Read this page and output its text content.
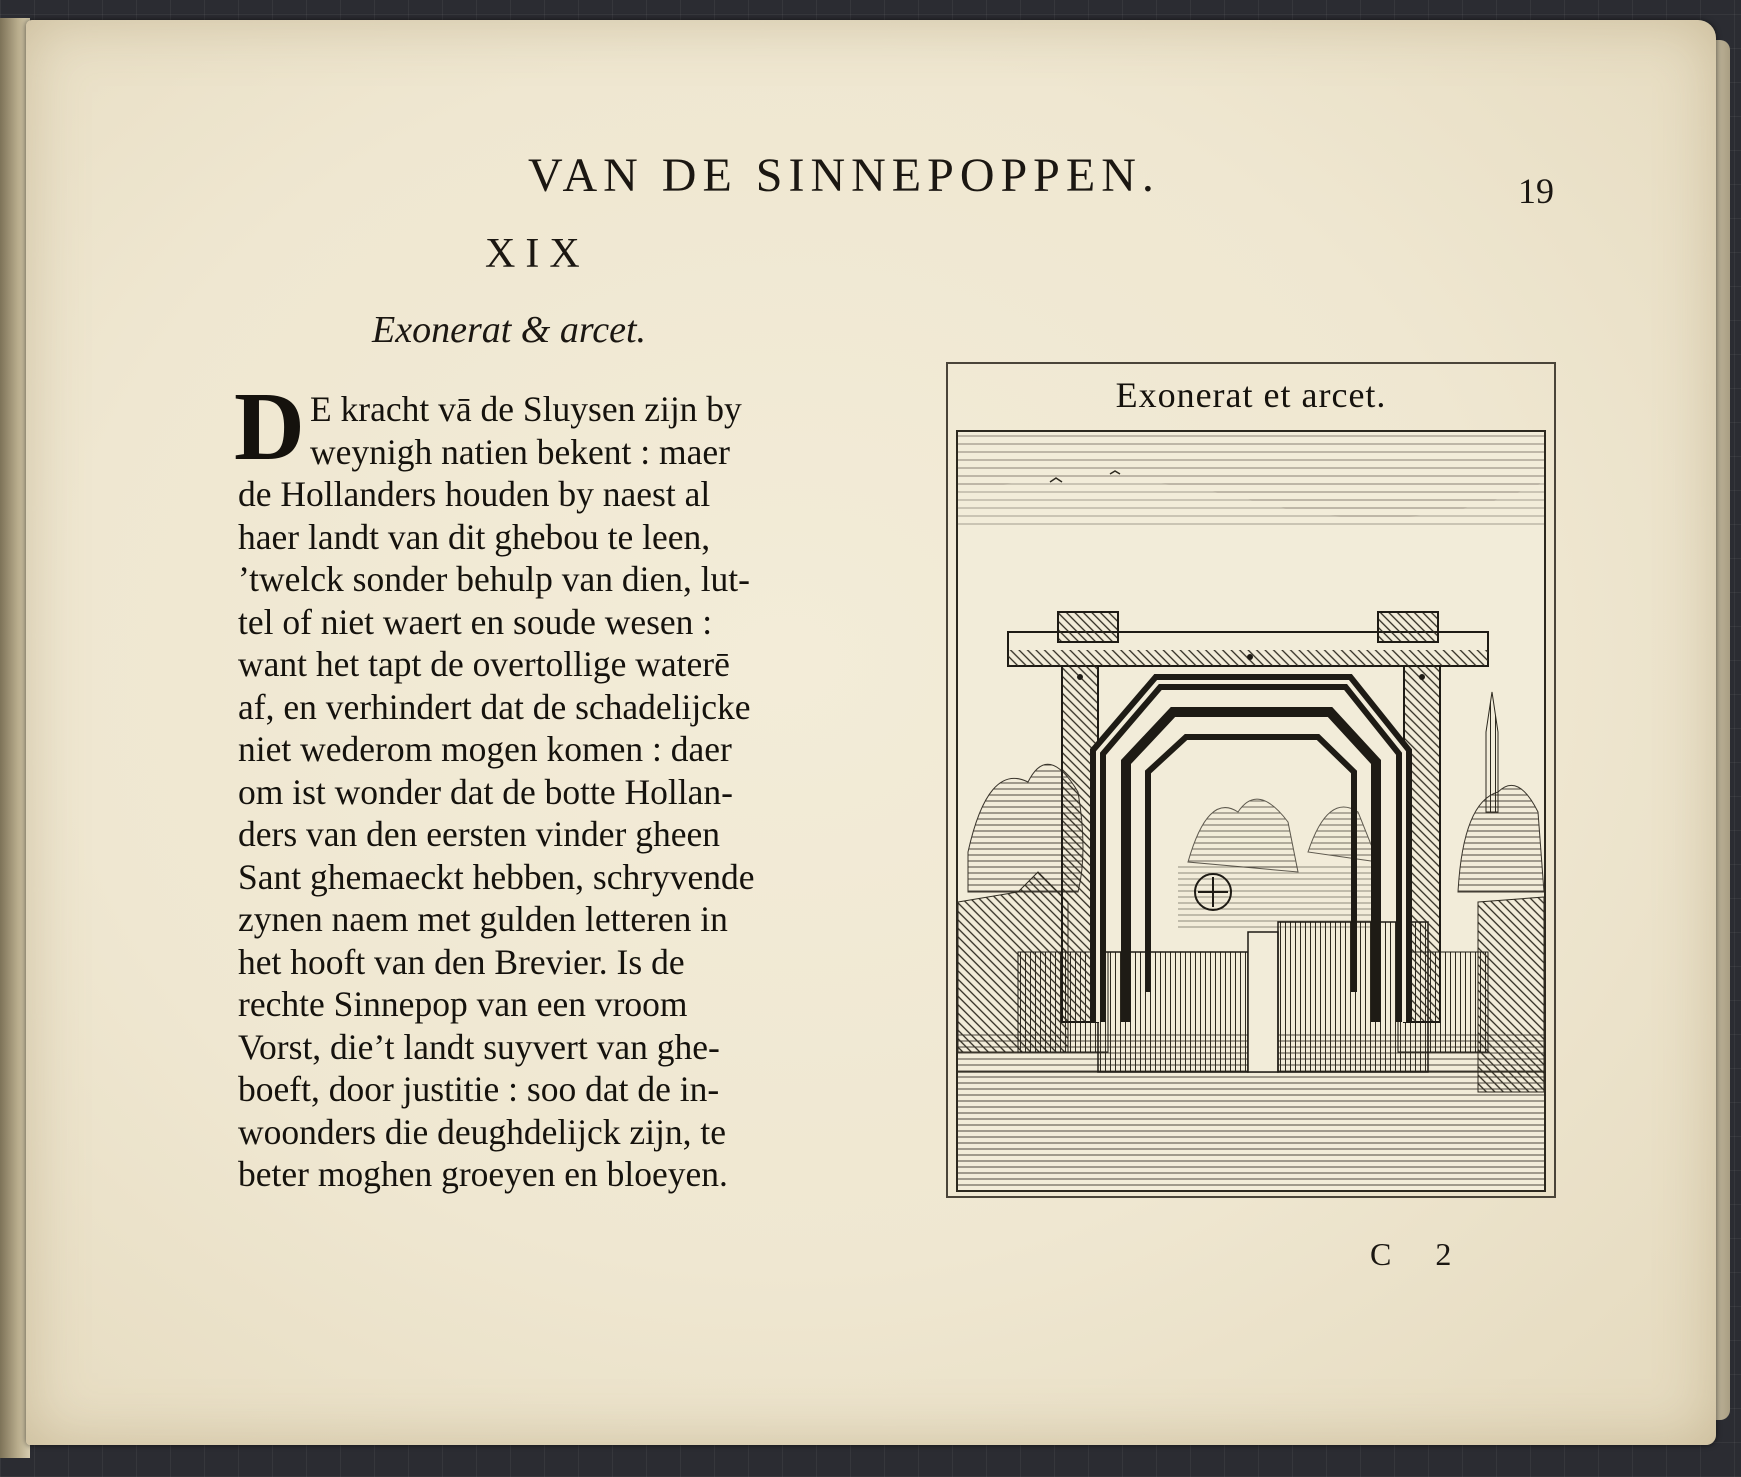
VAN DE SINNEPOPPEN.	19
XIX
Exonerat & arcet.
D E kracht vā de Sluysen zijn by
weynigh natien bekent : maer
de Hollanders houden by naest al
haer landt van dit ghebou te leen,
’twelck sonder behulp van dien, lut-
tel of niet waert en soude wesen :
want het tapt de overtollige waterē
af, en verhindert dat de schadelijcke
niet wederom mogen komen : daer
om ist wonder dat de botte Hollan-
ders van den eersten vinder gheen
Sant ghemaeckt hebben, schryvende
zynen naem met gulden letteren in
het hooft van den Brevier. Is de
rechte Sinnepop van een vroom
Vorst, die’t landt suyvert van ghe-
boeft, door justitie : soo dat de in-
woonders die deughdelijck zijn, te
beter moghen groeyen en bloeyen.
Exonerat et arcet.
C 2
